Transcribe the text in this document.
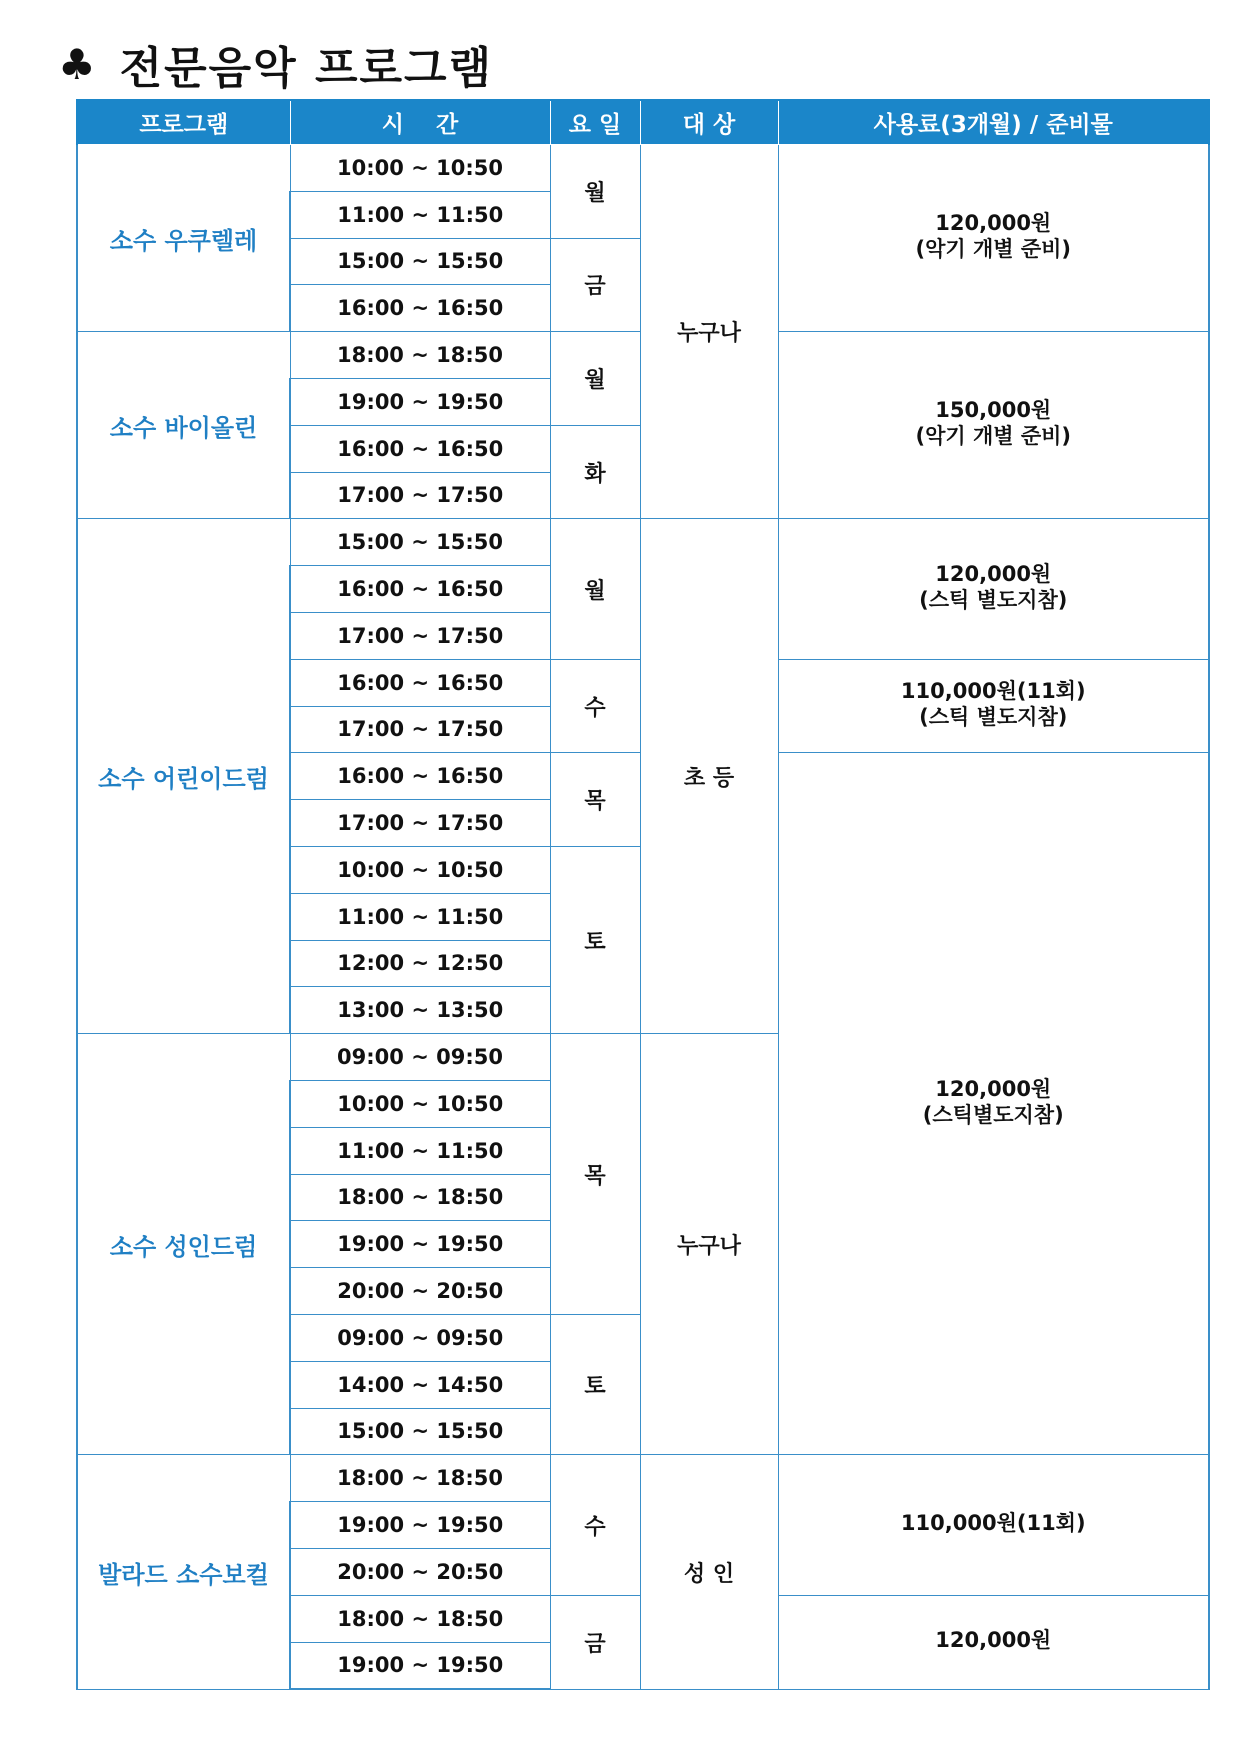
♣ 전문음악 프로그램
프로그램	시    간	요 일	대 상	사용료(3개월) / 준비물
소수 우쿠렐레	10:00 ~ 10:50	월	누구나	120,000원
(악기 개별 준비)

	11:00 ~ 11:50			
	15:00 ~ 15:50	금		
	16:00 ~ 16:50			
소수 바이올린	18:00 ~ 18:50	월		150,000원
(악기 개별 준비)

	19:00 ~ 19:50			
	16:00 ~ 16:50	화		
	17:00 ~ 17:50			
소수 어린이드럼	15:00 ~ 15:50	월	초 등	120,000원
(스틱 별도지참)

	16:00 ~ 16:50			
	17:00 ~ 17:50			
	16:00 ~ 16:50	수		110,000원(11회)
(스틱 별도지참)

	17:00 ~ 17:50			
	16:00 ~ 16:50	목		120,000원
(스틱별도지참)

	17:00 ~ 17:50			
	10:00 ~ 10:50	토		
	11:00 ~ 11:50			
	12:00 ~ 12:50			
	13:00 ~ 13:50			
소수 성인드럼	09:00 ~ 09:50	목	누구나	
	10:00 ~ 10:50			
	11:00 ~ 11:50			
	18:00 ~ 18:50			
	19:00 ~ 19:50			
	20:00 ~ 20:50			
	09:00 ~ 09:50	토		
	14:00 ~ 14:50			
	15:00 ~ 15:50			
발라드 소수보컬	18:00 ~ 18:50	수	성 인	110,000원(11회)

	19:00 ~ 19:50			
	20:00 ~ 20:50			
	18:00 ~ 18:50	금		120,000원

	19:00 ~ 19:50			
